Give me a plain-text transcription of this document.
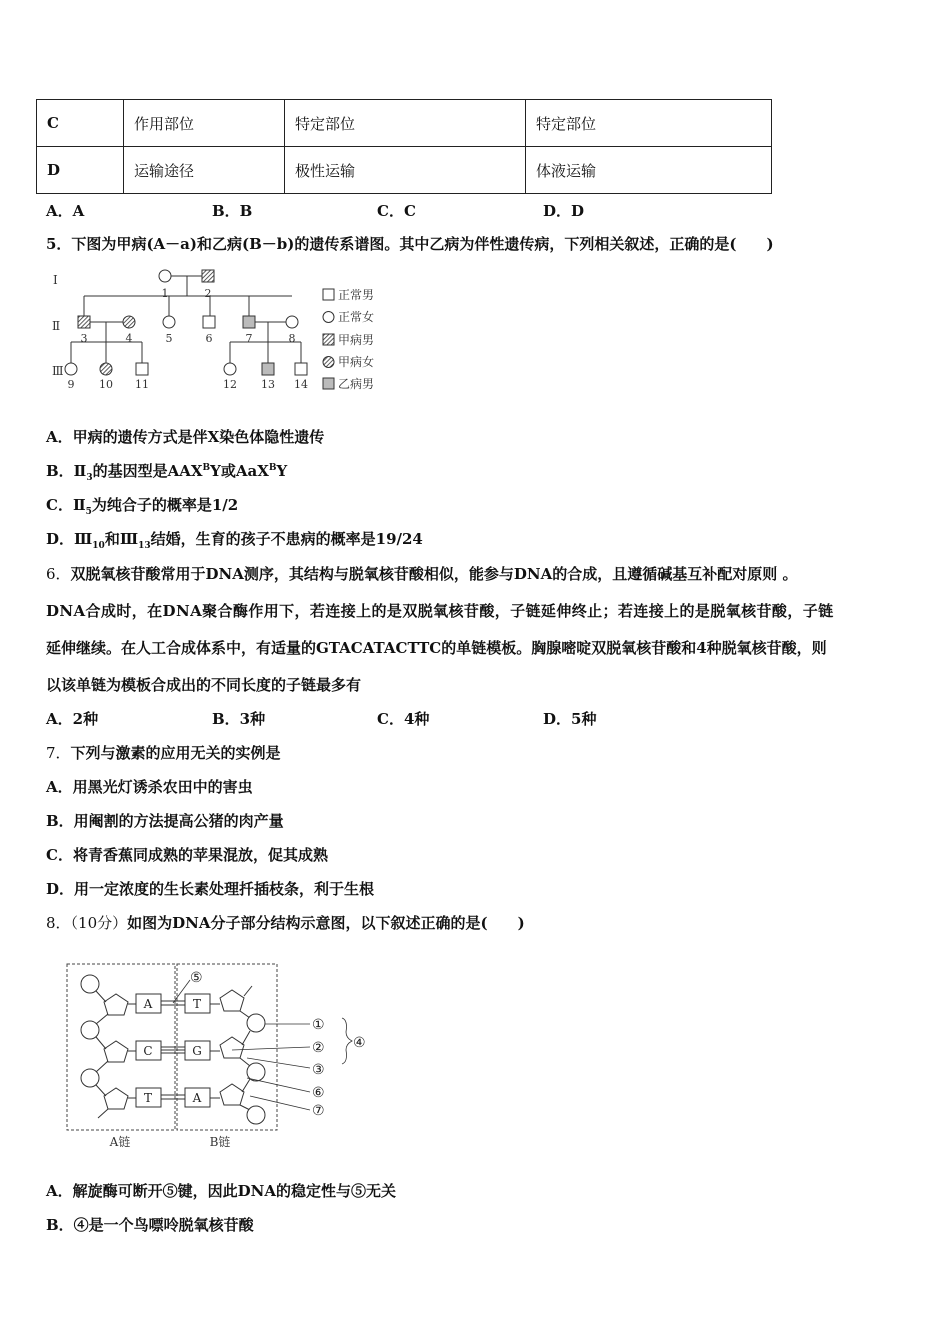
C	作用部位	特定部位	特定部位
D	运输途径	极性运输	体液运输
A．A	B．B	C．C	D．D
5．下图为甲病(A－a)和乙病(B－b)的遗传系谱图。其中乙病为伴性遗传病，下列相关叙述，正确的是(　　)
Ⅰ
Ⅱ
Ⅲ
1	2
3	4	5	6	7	8
9 10 11	12 13 14
正常男
正常女
甲病男
甲病女
乙病男
A．甲病的遗传方式是伴X染色体隐性遗传
B．$Ⅱ_3$的基因型是$AAX^BY$或AaX$^B$Y
C．$Ⅱ_5$为纯合子的概率是1/2
D．$Ⅲ_{10}$和$Ⅲ_{13}$结婚，生育的孩子不患病的概率是19/24
6．双脱氧核苷酸常用于DNA测序，其结构与脱氧核苷酸相似，能参与DNA的合成，且遵循碱基互补配对原则 。
DNA合成时，在DNA聚合酶作用下，若连接上的是双脱氧核苷酸，子链延伸终止；若连接上的是脱氧核苷酸，子链
延伸继续。在人工合成体系中，有适量的GTACATACTTC的单链模板。胸腺嘧啶双脱氧核苷酸和4种脱氧核苷酸，则
以该单链为模板合成出的不同长度的子链最多有
A．2种	B．3种	C．4种	D．5种
7．下列与激素的应用无关的实例是
A．用黑光灯诱杀农田中的害虫
B．用阉割的方法提高公猪的肉产量
C．将青香蕉同成熟的苹果混放，促其成熟
D．用一定浓度的生长素处理扦插枝条，利于生根
8．（10分）如图为DNA分子部分结构示意图，以下叙述正确的是(　　)
A
C
T
T
G
A
⑤
①
②
③
④
⑥
⑦
A链	B链
A．解旋酶可断开⑤键，因此DNA的稳定性与⑤无关
B．④是一个鸟嘌呤脱氧核苷酸
